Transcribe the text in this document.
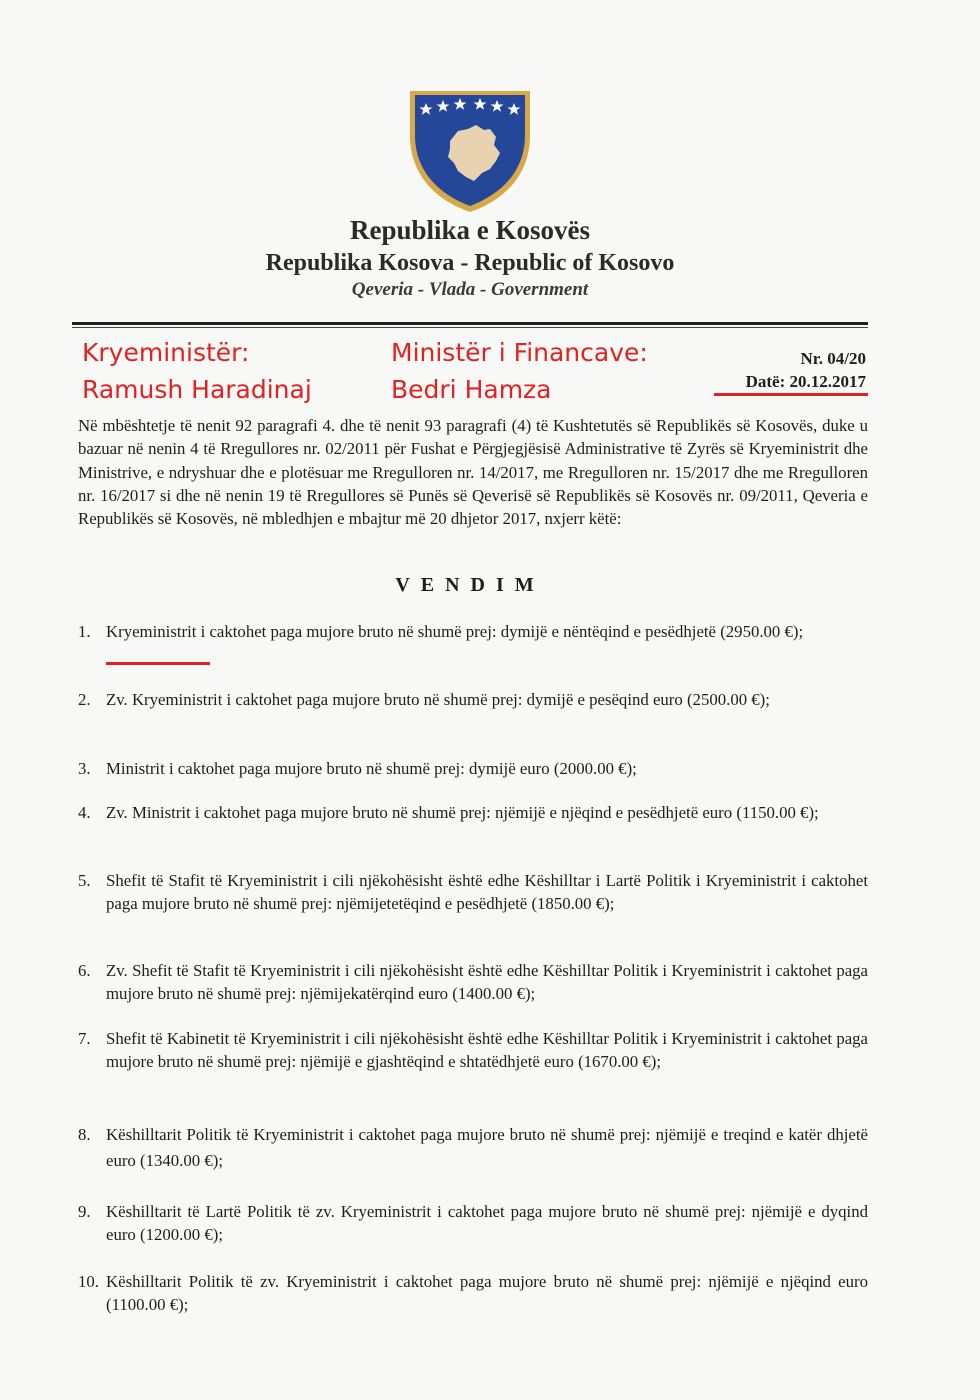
Republika e Kosovës
Republika Kosova - Republic of Kosovo
Qeveria - Vlada - Government
Kryeministër:
Ramush Haradinaj
Ministër i Financave:
Bedri Hamza
Nr. 04/20
Datë: 20.12.2017

Në mbështetje të nenit 92 paragrafi 4. dhe të nenit 93 paragrafi (4) të Kushtetutës së Republikës së Kosovës, duke u bazuar në nenin 4 të Rregullores nr. 02/2011 për Fushat e Përgjegjësisë Administrative të Zyrës së Kryeministrit dhe Ministrive, e ndryshuar dhe e plotësuar me Rregulloren nr. 14/2017, me Rregulloren nr. 15/2017 dhe me Rregulloren nr. 16/2017 si dhe në nenin 19 të Rregullores së Punës së Qeverisë së Republikës së Kosovës nr. 09/2011, Qeveria e Republikës së Kosovës, në mbledhjen e mbajtur më 20 dhjetor 2017, nxjerr këtë:

VENDIM
1. Kryeministrit i caktohet paga mujore bruto në shumë prej: dymijë e nëntëqind e pesëdhjetë (2950.00 €);
2. Zv. Kryeministrit i caktohet paga mujore bruto në shumë prej: dymijë e pesëqind euro (2500.00 €);
3. Ministrit i caktohet paga mujore bruto në shumë prej: dymijë euro (2000.00 €);
4. Zv. Ministrit i caktohet paga mujore bruto në shumë prej: njëmijë e njëqind e pesëdhjetë euro (1150.00 €);
5. Shefit të Stafit të Kryeministrit i cili njëkohësisht është edhe Këshilltar i Lartë Politik i Kryeministrit i caktohet paga mujore bruto në shumë prej: njëmijetetëqind e pesëdhjetë (1850.00 €);
6. Zv. Shefit të Stafit të Kryeministrit i cili njëkohësisht është edhe Këshilltar Politik i Kryeministrit i caktohet paga mujore bruto në shumë prej: njëmijekatërqind euro (1400.00 €);
7. Shefit të Kabinetit të Kryeministrit i cili njëkohësisht është edhe Këshilltar Politik i Kryeministrit i caktohet paga mujore bruto në shumë prej: njëmijë e gjashtëqind e shtatëdhjetë euro (1670.00 €);
8. Këshilltarit Politik të Kryeministrit i caktohet paga mujore bruto në shumë prej: njëmijë e treqind e katër dhjetë euro (1340.00 €);
9. Këshilltarit të Lartë Politik të zv. Kryeministrit i caktohet paga mujore bruto në shumë prej: njëmijë e dyqind euro (1200.00 €);
10. Këshilltarit Politik të zv. Kryeministrit i caktohet paga mujore bruto në shumë prej: njëmijë e njëqind euro (1100.00 €);
